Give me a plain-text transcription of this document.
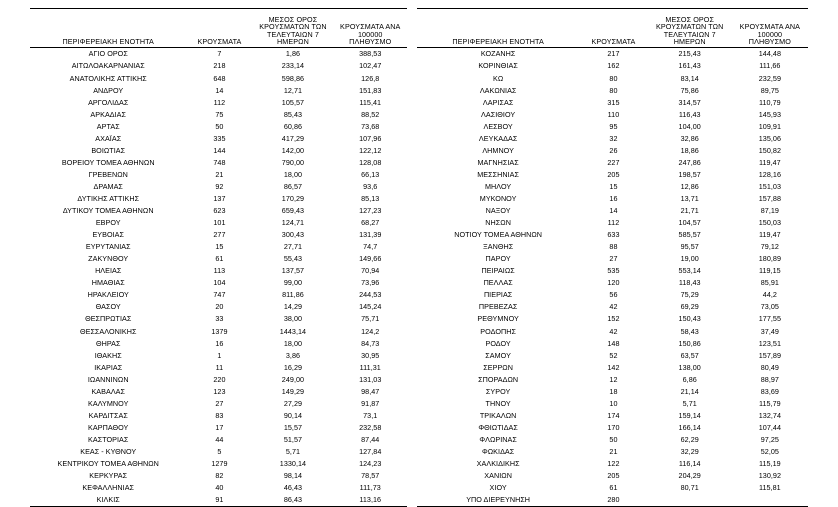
ΠΕΡΙΦΕΡΕΙΑΚΗ ΕΝΟΤΗΤΑ	ΚΡΟΥΣΜΑΤΑ	ΜΕΣΟΣ ΟΡΟΣ
ΚΡΟΥΣΜΑΤΩΝ ΤΩΝ
ΤΕΛΕΥΤΑΙΩΝ 7 ΗΜΕΡΩΝ	ΚΡΟΥΣΜΑΤΑ ΑΝΑ 100000
ΠΛΗΘΥΣΜΟ

ΑΓΙΟ ΟΡΟΣ	7	1,86	388,53
ΑΙΤΩΛΟΑΚΑΡΝΑΝΙΑΣ	218	233,14	102,47
ΑΝΑΤΟΛΙΚΗΣ ΑΤΤΙΚΗΣ	648	598,86	126,8
ΑΝΔΡΟΥ	14	12,71	151,83
ΑΡΓΟΛΙΔΑΣ	112	105,57	115,41
ΑΡΚΑΔΙΑΣ	75	85,43	88,52
ΑΡΤΑΣ	50	60,86	73,68
ΑΧΑΪΑΣ	335	417,29	107,96
ΒΟΙΩΤΙΑΣ	144	142,00	122,12
ΒΟΡΕΙΟΥ ΤΟΜΕΑ ΑΘΗΝΩΝ	748	790,00	128,08
ΓΡΕΒΕΝΩΝ	21	18,00	66,13
ΔΡΑΜΑΣ	92	86,57	93,6
ΔΥΤΙΚΗΣ ΑΤΤΙΚΗΣ	137	170,29	85,13
ΔΥΤΙΚΟΥ ΤΟΜΕΑ ΑΘΗΝΩΝ	623	659,43	127,23
ΕΒΡΟΥ	101	124,71	68,27
ΕΥΒΟΙΑΣ	277	300,43	131,39
ΕΥΡΥΤΑΝΙΑΣ	15	27,71	74,7
ΖΑΚΥΝΘΟΥ	61	55,43	149,66
ΗΛΕΙΑΣ	113	137,57	70,94
ΗΜΑΘΙΑΣ	104	99,00	73,96
ΗΡΑΚΛΕΙΟΥ	747	811,86	244,53
ΘΑΣΟΥ	20	14,29	145,24
ΘΕΣΠΡΩΤΙΑΣ	33	38,00	75,71
ΘΕΣΣΑΛΟΝΙΚΗΣ	1379	1443,14	124,2
ΘΗΡΑΣ	16	18,00	84,73
ΙΘΑΚΗΣ	1	3,86	30,95
ΙΚΑΡΙΑΣ	11	16,29	111,31
ΙΩΑΝΝΙΝΩΝ	220	249,00	131,03
ΚΑΒΑΛΑΣ	123	149,29	98,47
ΚΑΛΥΜΝΟΥ	27	27,29	91,87
ΚΑΡΔΙΤΣΑΣ	83	90,14	73,1
ΚΑΡΠΑΘΟΥ	17	15,57	232,58
ΚΑΣΤΟΡΙΑΣ	44	51,57	87,44
ΚΕΑΣ - ΚΥΘΝΟΥ	5	5,71	127,84
ΚΕΝΤΡΙΚΟΥ ΤΟΜΕΑ ΑΘΗΝΩΝ	1279	1330,14	124,23
ΚΕΡΚΥΡΑΣ	82	98,14	78,57
ΚΕΦΑΛΛΗΝΙΑΣ	40	46,43	111,73
ΚΙΛΚΙΣ	91	86,43	113,16
ΠΕΡΙΦΕΡΕΙΑΚΗ ΕΝΟΤΗΤΑ	ΚΡΟΥΣΜΑΤΑ	ΜΕΣΟΣ ΟΡΟΣ
ΚΡΟΥΣΜΑΤΩΝ ΤΩΝ
ΤΕΛΕΥΤΑΙΩΝ 7 ΗΜΕΡΩΝ	ΚΡΟΥΣΜΑΤΑ ΑΝΑ 100000
ΠΛΗΘΥΣΜΟ

ΚΟΖΑΝΗΣ	217	215,43	144,48
ΚΟΡΙΝΘΙΑΣ	162	161,43	111,66
ΚΩ	80	83,14	232,59
ΛΑΚΩΝΙΑΣ	80	75,86	89,75
ΛΑΡΙΣΑΣ	315	314,57	110,79
ΛΑΣΙΘΙΟΥ	110	116,43	145,93
ΛΕΣΒΟΥ	95	104,00	109,91
ΛΕΥΚΑΔΑΣ	32	32,86	135,06
ΛΗΜΝΟΥ	26	18,86	150,82
ΜΑΓΝΗΣΙΑΣ	227	247,86	119,47
ΜΕΣΣΗΝΙΑΣ	205	198,57	128,16
ΜΗΛΟΥ	15	12,86	151,03
ΜΥΚΟΝΟΥ	16	13,71	157,88
ΝΑΞΟΥ	14	21,71	87,19
ΝΗΣΩΝ	112	104,57	150,03
ΝΟΤΙΟΥ ΤΟΜΕΑ ΑΘΗΝΩΝ	633	585,57	119,47
ΞΑΝΘΗΣ	88	95,57	79,12
ΠΑΡΟΥ	27	19,00	180,89
ΠΕΙΡΑΙΩΣ	535	553,14	119,15
ΠΕΛΛΑΣ	120	118,43	85,91
ΠΙΕΡΙΑΣ	56	75,29	44,2
ΠΡΕΒΕΖΑΣ	42	69,29	73,05
ΡΕΘΥΜΝΟΥ	152	150,43	177,55
ΡΟΔΟΠΗΣ	42	58,43	37,49
ΡΟΔΟΥ	148	150,86	123,51
ΣΑΜΟΥ	52	63,57	157,89
ΣΕΡΡΩΝ	142	138,00	80,49
ΣΠΟΡΑΔΩΝ	12	6,86	88,97
ΣΥΡΟΥ	18	21,14	83,69
ΤΗΝΟΥ	10	5,71	115,79
ΤΡΙΚΑΛΩΝ	174	159,14	132,74
ΦΘΙΩΤΙΔΑΣ	170	166,14	107,44
ΦΛΩΡΙΝΑΣ	50	62,29	97,25
ΦΩΚΙΔΑΣ	21	32,29	52,05
ΧΑΛΚΙΔΙΚΗΣ	122	116,14	115,19
ΧΑΝΙΩΝ	205	204,29	130,92
ΧΙΟΥ	61	80,71	115,81
ΥΠΟ ΔΙΕΡΕΥΝΗΣΗ	280		
